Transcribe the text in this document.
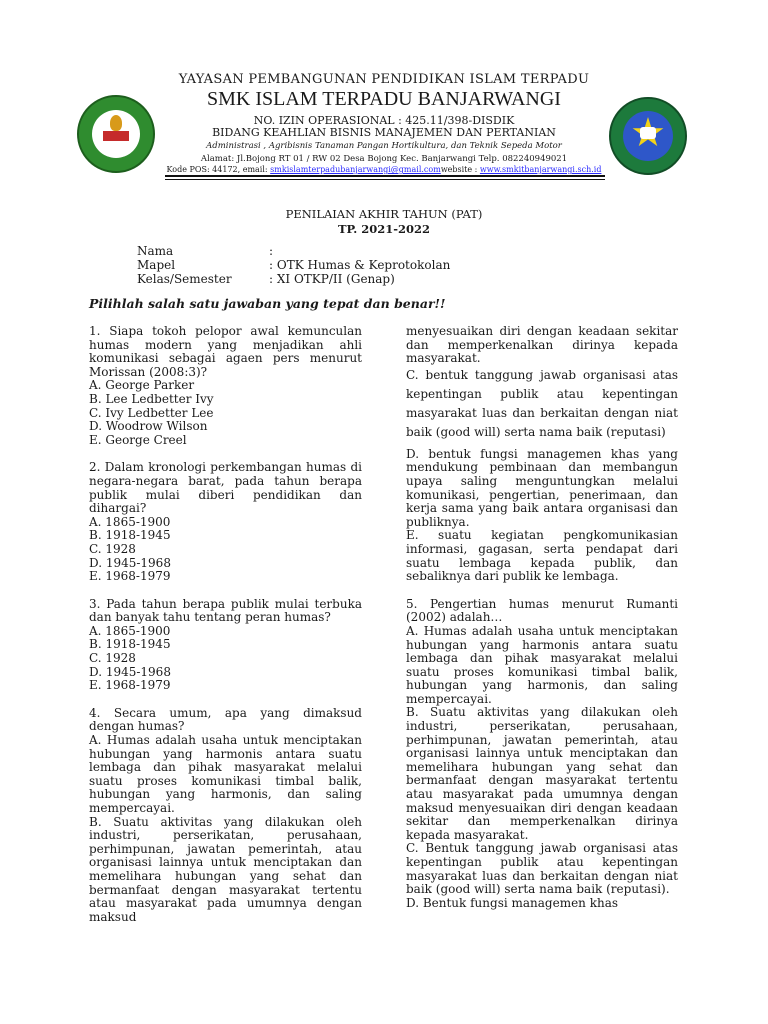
YAYASAN PEMBANGUNAN PENDIDIKAN ISLAM TERPADU
SMK ISLAM TERPADU BANJARWANGI
NO. IZIN OPERASIONAL : 425.11/398-DISDIK
BIDANG KEAHLIAN BISNIS MANAJEMEN DAN PERTANIAN
Administrasi , Agribisnis Tanaman Pangan Hortikultura, dan Teknik Sepeda Motor
Alamat: Jl.Bojong RT 01 / RW 02 Desa Bojong Kec. Banjarwangi Telp. 082240949021
Kode POS: 44172, email: smkislamterpadubanjarwangi@gmail.comwebsite : www.smkitbanjarwangi.sch.id
PENILAIAN AKHIR TAHUN (PAT)
TP. 2021-2022
Nama	:
Mapel	: OTK Humas & Keprotokolan
Kelas/Semester	: XI OTKP/II (Genap)
Pilihlah salah satu jawaban yang tepat dan benar!!

1. Siapa tokoh pelopor awal kemunculan humas modern yang menjadikan ahli komunikasi sebagai agaen pers menurut Morissan (2008:3)?

A. George Parker

B. Lee Ledbetter Ivy

C. Ivy Ledbetter Lee

D. Woodrow Wilson

E. George Creel

2. Dalam kronologi perkembangan humas di negara-negara barat, pada tahun berapa publik mulai diberi pendidikan dan dihargai?

A. 1865-1900

B. 1918-1945

C. 1928

D. 1945-1968

E. 1968-1979

3. Pada tahun berapa publik mulai terbuka dan banyak tahu tentang peran humas?

A. 1865-1900

B. 1918-1945

C. 1928

D. 1945-1968

E. 1968-1979

4. Secara umum, apa yang dimaksud dengan humas?

A. Humas adalah usaha untuk menciptakan hubungan yang harmonis antara suatu lembaga dan pihak masyarakat melalui suatu proses komunikasi timbal balik, hubungan yang harmonis, dan saling mempercayai.

B. Suatu aktivitas yang dilakukan oleh industri, perserikatan, perusahaan, perhimpunan, jawatan pemerintah, atau organisasi lainnya untuk menciptakan dan memelihara hubungan yang sehat dan bermanfaat dengan masyarakat tertentu atau masyarakat pada umumnya dengan maksud

menyesuaikan diri dengan keadaan sekitar dan memperkenalkan dirinya kepada masyarakat.

C. bentuk tanggung jawab organisasi atas kepentingan publik atau kepentingan masyarakat luas dan berkaitan dengan niat baik (good will) serta nama baik (reputasi)

D. bentuk fungsi managemen khas yang mendukung pembinaan dan membangun upaya saling menguntungkan melalui komunikasi, pengertian, penerimaan, dan kerja sama yang baik antara organisasi dan publiknya.

E. suatu kegiatan pengkomunikasian informasi, gagasan, serta pendapat dari suatu lembaga kepada publik, dan sebaliknya dari publik ke lembaga.

5. Pengertian humas menurut Rumanti (2002) adalah…

A. Humas adalah usaha untuk menciptakan hubungan yang harmonis antara suatu lembaga dan pihak masyarakat melalui suatu proses komunikasi timbal balik, hubungan yang harmonis, dan saling mempercayai.

B. Suatu aktivitas yang dilakukan oleh industri, perserikatan, perusahaan, perhimpunan, jawatan pemerintah, atau organisasi lainnya untuk menciptakan dan memelihara hubungan yang sehat dan bermanfaat dengan masyarakat tertentu atau masyarakat pada umumnya dengan maksud menyesuaikan diri dengan keadaan sekitar dan memperkenalkan dirinya kepada masyarakat.

C. Bentuk tanggung jawab organisasi atas kepentingan publik atau kepentingan masyarakat luas dan berkaitan dengan niat baik (good will) serta nama baik (reputasi).

D. Bentuk fungsi managemen khas
